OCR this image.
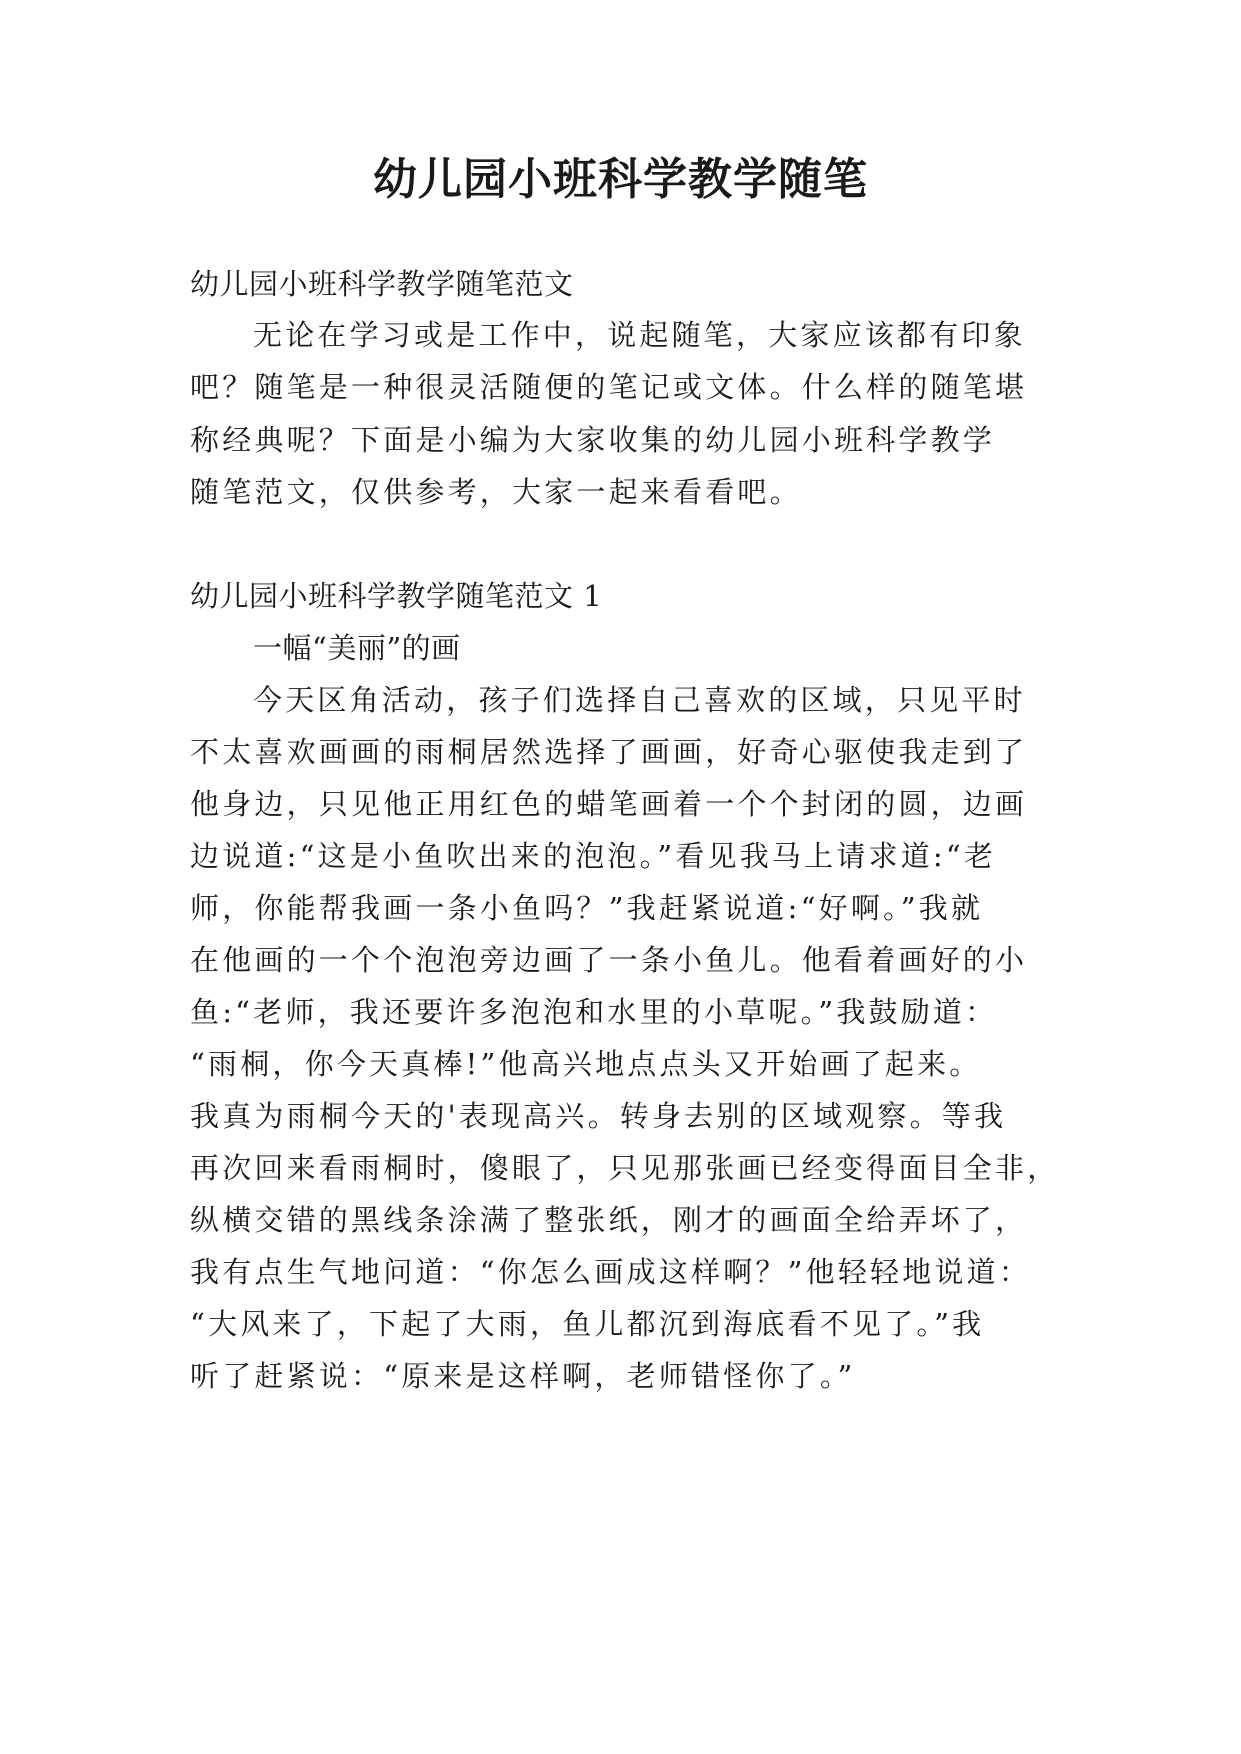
幼儿园小班科学教学随笔
幼儿园小班科学教学随笔范文
无论在学习或是工作中，说起随笔，大家应该都有印象
吧？随笔是一种很灵活随便的笔记或文体。什么样的随笔堪
称经典呢？下面是小编为大家收集的幼儿园小班科学教学
随笔范文，仅供参考，大家一起来看看吧。
幼儿园小班科学教学随笔范文 1
一幅“美丽”的画
今天区角活动，孩子们选择自己喜欢的区域，只见平时
不太喜欢画画的雨桐居然选择了画画，好奇心驱使我走到了
他身边，只见他正用红色的蜡笔画着一个个封闭的圆，边画
边说道:“这是小鱼吹出来的泡泡。”看见我马上请求道:“老
师，你能帮我画一条小鱼吗？”我赶紧说道:“好啊。”我就
在他画的一个个泡泡旁边画了一条小鱼儿。他看着画好的小
鱼:“老师，我还要许多泡泡和水里的小草呢。”我鼓励道：
“雨桐，你今天真棒!”他高兴地点点头又开始画了起来。
我真为雨桐今天的'表现高兴。转身去别的区域观察。等我
再次回来看雨桐时，傻眼了，只见那张画已经变得面目全非，
纵横交错的黑线条涂满了整张纸，刚才的画面全给弄坏了，
我有点生气地问道：“你怎么画成这样啊？”他轻轻地说道：
“大风来了，下起了大雨，鱼儿都沉到海底看不见了。”我
听了赶紧说：“原来是这样啊，老师错怪你了。”
